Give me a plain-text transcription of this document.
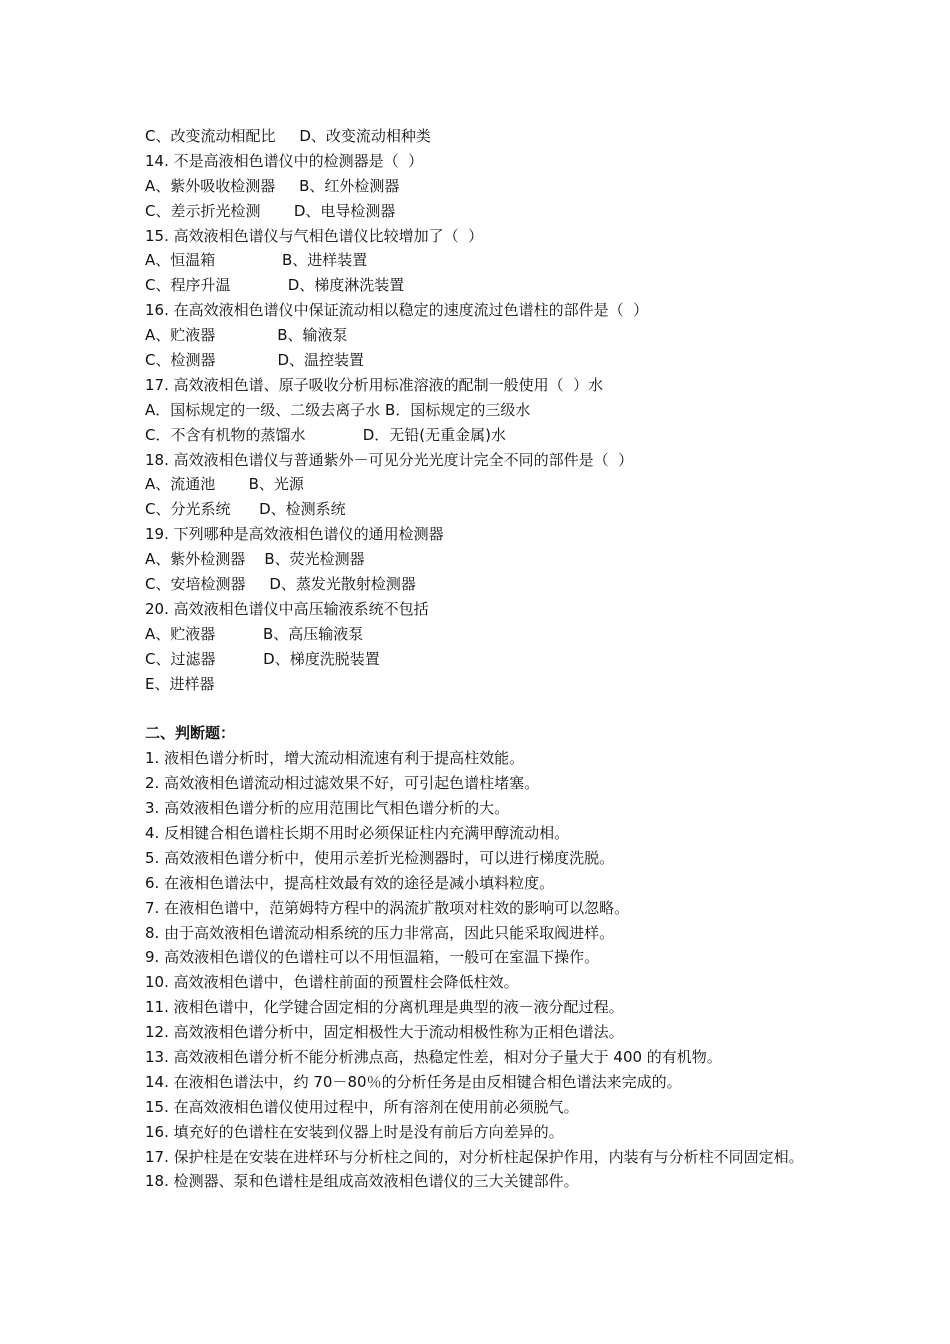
C、改变流动相配比     D、改变流动相种类
14. 不是高液相色谱仪中的检测器是（  ）
A、紫外吸收检测器     B、红外检测器
C、差示折光检测       D、电导检测器
15. 高效液相色谱仪与气相色谱仪比较增加了（  ）
A、恒温箱              B、进样装置
C、程序升温            D、梯度淋洗装置
16. 在高效液相色谱仪中保证流动相以稳定的速度流过色谱柱的部件是（  ）
A、贮液器             B、输液泵
C、检测器             D、温控装置
17. 高效液相色谱、原子吸收分析用标准溶液的配制一般使用（  ）水
A．国标规定的一级、二级去离子水 B．国标规定的三级水
C．不含有机物的蒸馏水            D．无铅(无重金属)水
18. 高效液相色谱仪与普通紫外－可见分光光度计完全不同的部件是（  ）
A、流通池       B、光源
C、分光系统      D、检测系统
19. 下列哪种是高效液相色谱仪的通用检测器
A、紫外检测器    B、荧光检测器
C、安培检测器     D、蒸发光散射检测器
20. 高效液相色谱仪中高压输液系统不包括
A、贮液器          B、高压输液泵
C、过滤器          D、梯度洗脱装置
E、进样器
二、判断题：
1. 液相色谱分析时，增大流动相流速有利于提高柱效能。
2. 高效液相色谱流动相过滤效果不好，可引起色谱柱堵塞。
3. 高效液相色谱分析的应用范围比气相色谱分析的大。
4. 反相键合相色谱柱长期不用时必须保证柱内充满甲醇流动相。
5. 高效液相色谱分析中，使用示差折光检测器时，可以进行梯度洗脱。
6. 在液相色谱法中，提高柱效最有效的途径是减小填料粒度。
7. 在液相色谱中，范第姆特方程中的涡流扩散项对柱效的影响可以忽略。
8. 由于高效液相色谱流动相系统的压力非常高，因此只能采取阀进样。
9. 高效液相色谱仪的色谱柱可以不用恒温箱，一般可在室温下操作。
10. 高效液相色谱中，色谱柱前面的预置柱会降低柱效。
11. 液相色谱中，化学键合固定相的分离机理是典型的液－液分配过程。
12. 高效液相色谱分析中，固定相极性大于流动相极性称为正相色谱法。
13. 高效液相色谱分析不能分析沸点高，热稳定性差，相对分子量大于 400 的有机物。
14. 在液相色谱法中，约 70－80％的分析任务是由反相键合相色谱法来完成的。
15. 在高效液相色谱仪使用过程中，所有溶剂在使用前必须脱气。
16. 填充好的色谱柱在安装到仪器上时是没有前后方向差异的。
17. 保护柱是在安装在进样环与分析柱之间的，对分析柱起保护作用，内装有与分析柱不同固定相。
18. 检测器、泵和色谱柱是组成高效液相色谱仪的三大关键部件。
